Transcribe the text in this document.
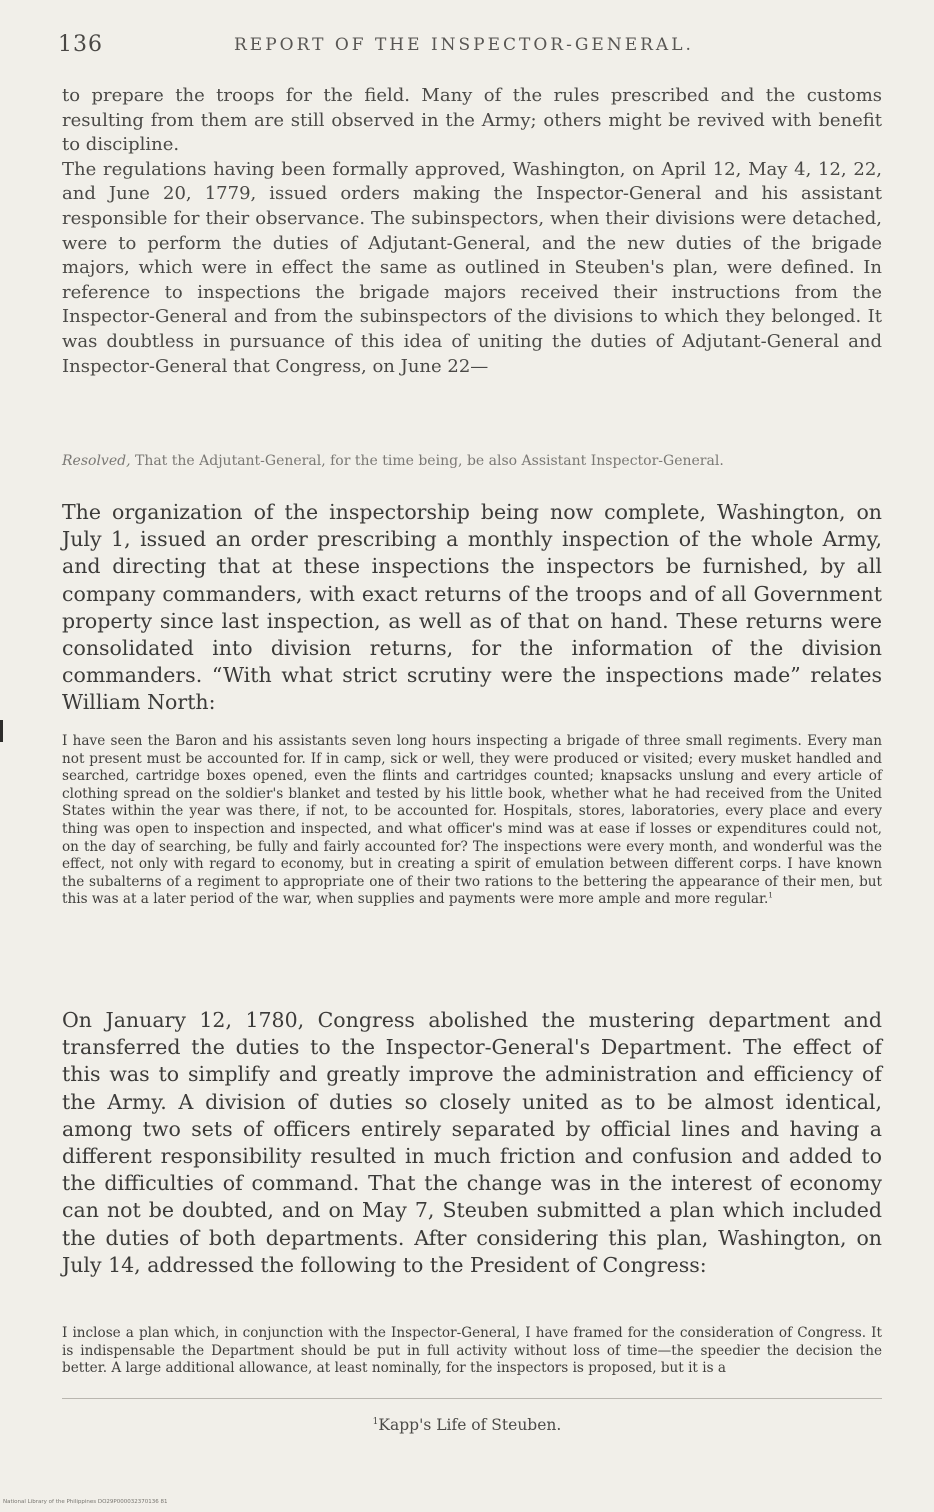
136	REPORT OF THE INSPECTOR-GENERAL.

to prepare the troops for the field. Many of the rules prescribed and the customs resulting from them are still observed in the Army; others might be revived with benefit to discipline.

The regulations having been formally approved, Washington, on April 12, May 4, 12, 22, and June 20, 1779, issued orders making the Inspector-General and his assistant responsible for their observance. The subinspectors, when their divisions were detached, were to perform the duties of Adjutant-General, and the new duties of the brigade majors, which were in effect the same as outlined in Steuben's plan, were defined. In reference to inspections the brigade majors received their instructions from the Inspector-General and from the subinspectors of the divisions to which they belonged. It was doubtless in pursuance of this idea of uniting the duties of Adjutant-General and Inspector-General that Congress, on June 22—

Resolved, That the Adjutant-General, for the time being, be also Assistant Inspector-General.

The organization of the inspectorship being now complete, Washington, on July 1, issued an order prescribing a monthly inspection of the whole Army, and directing that at these inspections the inspectors be furnished, by all company commanders, with exact returns of the troops and of all Government property since last inspection, as well as of that on hand. These returns were consolidated into division returns, for the information of the division commanders. “With what strict scrutiny were the inspections made” relates William North:

I have seen the Baron and his assistants seven long hours inspecting a brigade of three small regiments. Every man not present must be accounted for. If in camp, sick or well, they were produced or visited; every musket handled and searched, cartridge boxes opened, even the flints and cartridges counted; knapsacks unslung and every article of clothing spread on the soldier's blanket and tested by his little book, whether what he had received from the United States within the year was there, if not, to be accounted for. Hospitals, stores, laboratories, every place and every thing was open to inspection and inspected, and what officer's mind was at ease if losses or expenditures could not, on the day of searching, be fully and fairly accounted for? The inspections were every month, and wonderful was the effect, not only with regard to economy, but in creating a spirit of emulation between different corps. I have known the subalterns of a regiment to appropriate one of their two rations to the bettering the appearance of their men, but this was at a later period of the war, when supplies and payments were more ample and more regular.$^1$

On January 12, 1780, Congress abolished the mustering department and transferred the duties to the Inspector-General's Department. The effect of this was to simplify and greatly improve the administration and efficiency of the Army. A division of duties so closely united as to be almost identical, among two sets of officers entirely separated by official lines and having a different responsibility resulted in much friction and confusion and added to the difficulties of command. That the change was in the interest of economy can not be doubted, and on May 7, Steuben submitted a plan which included the duties of both departments. After considering this plan, Washington, on July 14, addressed the following to the President of Congress:

I inclose a plan which, in conjunction with the Inspector-General, I have framed for the consideration of Congress. It is indispensable the Department should be put in full activity without loss of time—the speedier the decision the better. A large additional allowance, at least nominally, for the inspectors is proposed, but it is a

$^1$Kapp's Life of Steuben.
National Library of the Philippines DO29P000032370136 81
